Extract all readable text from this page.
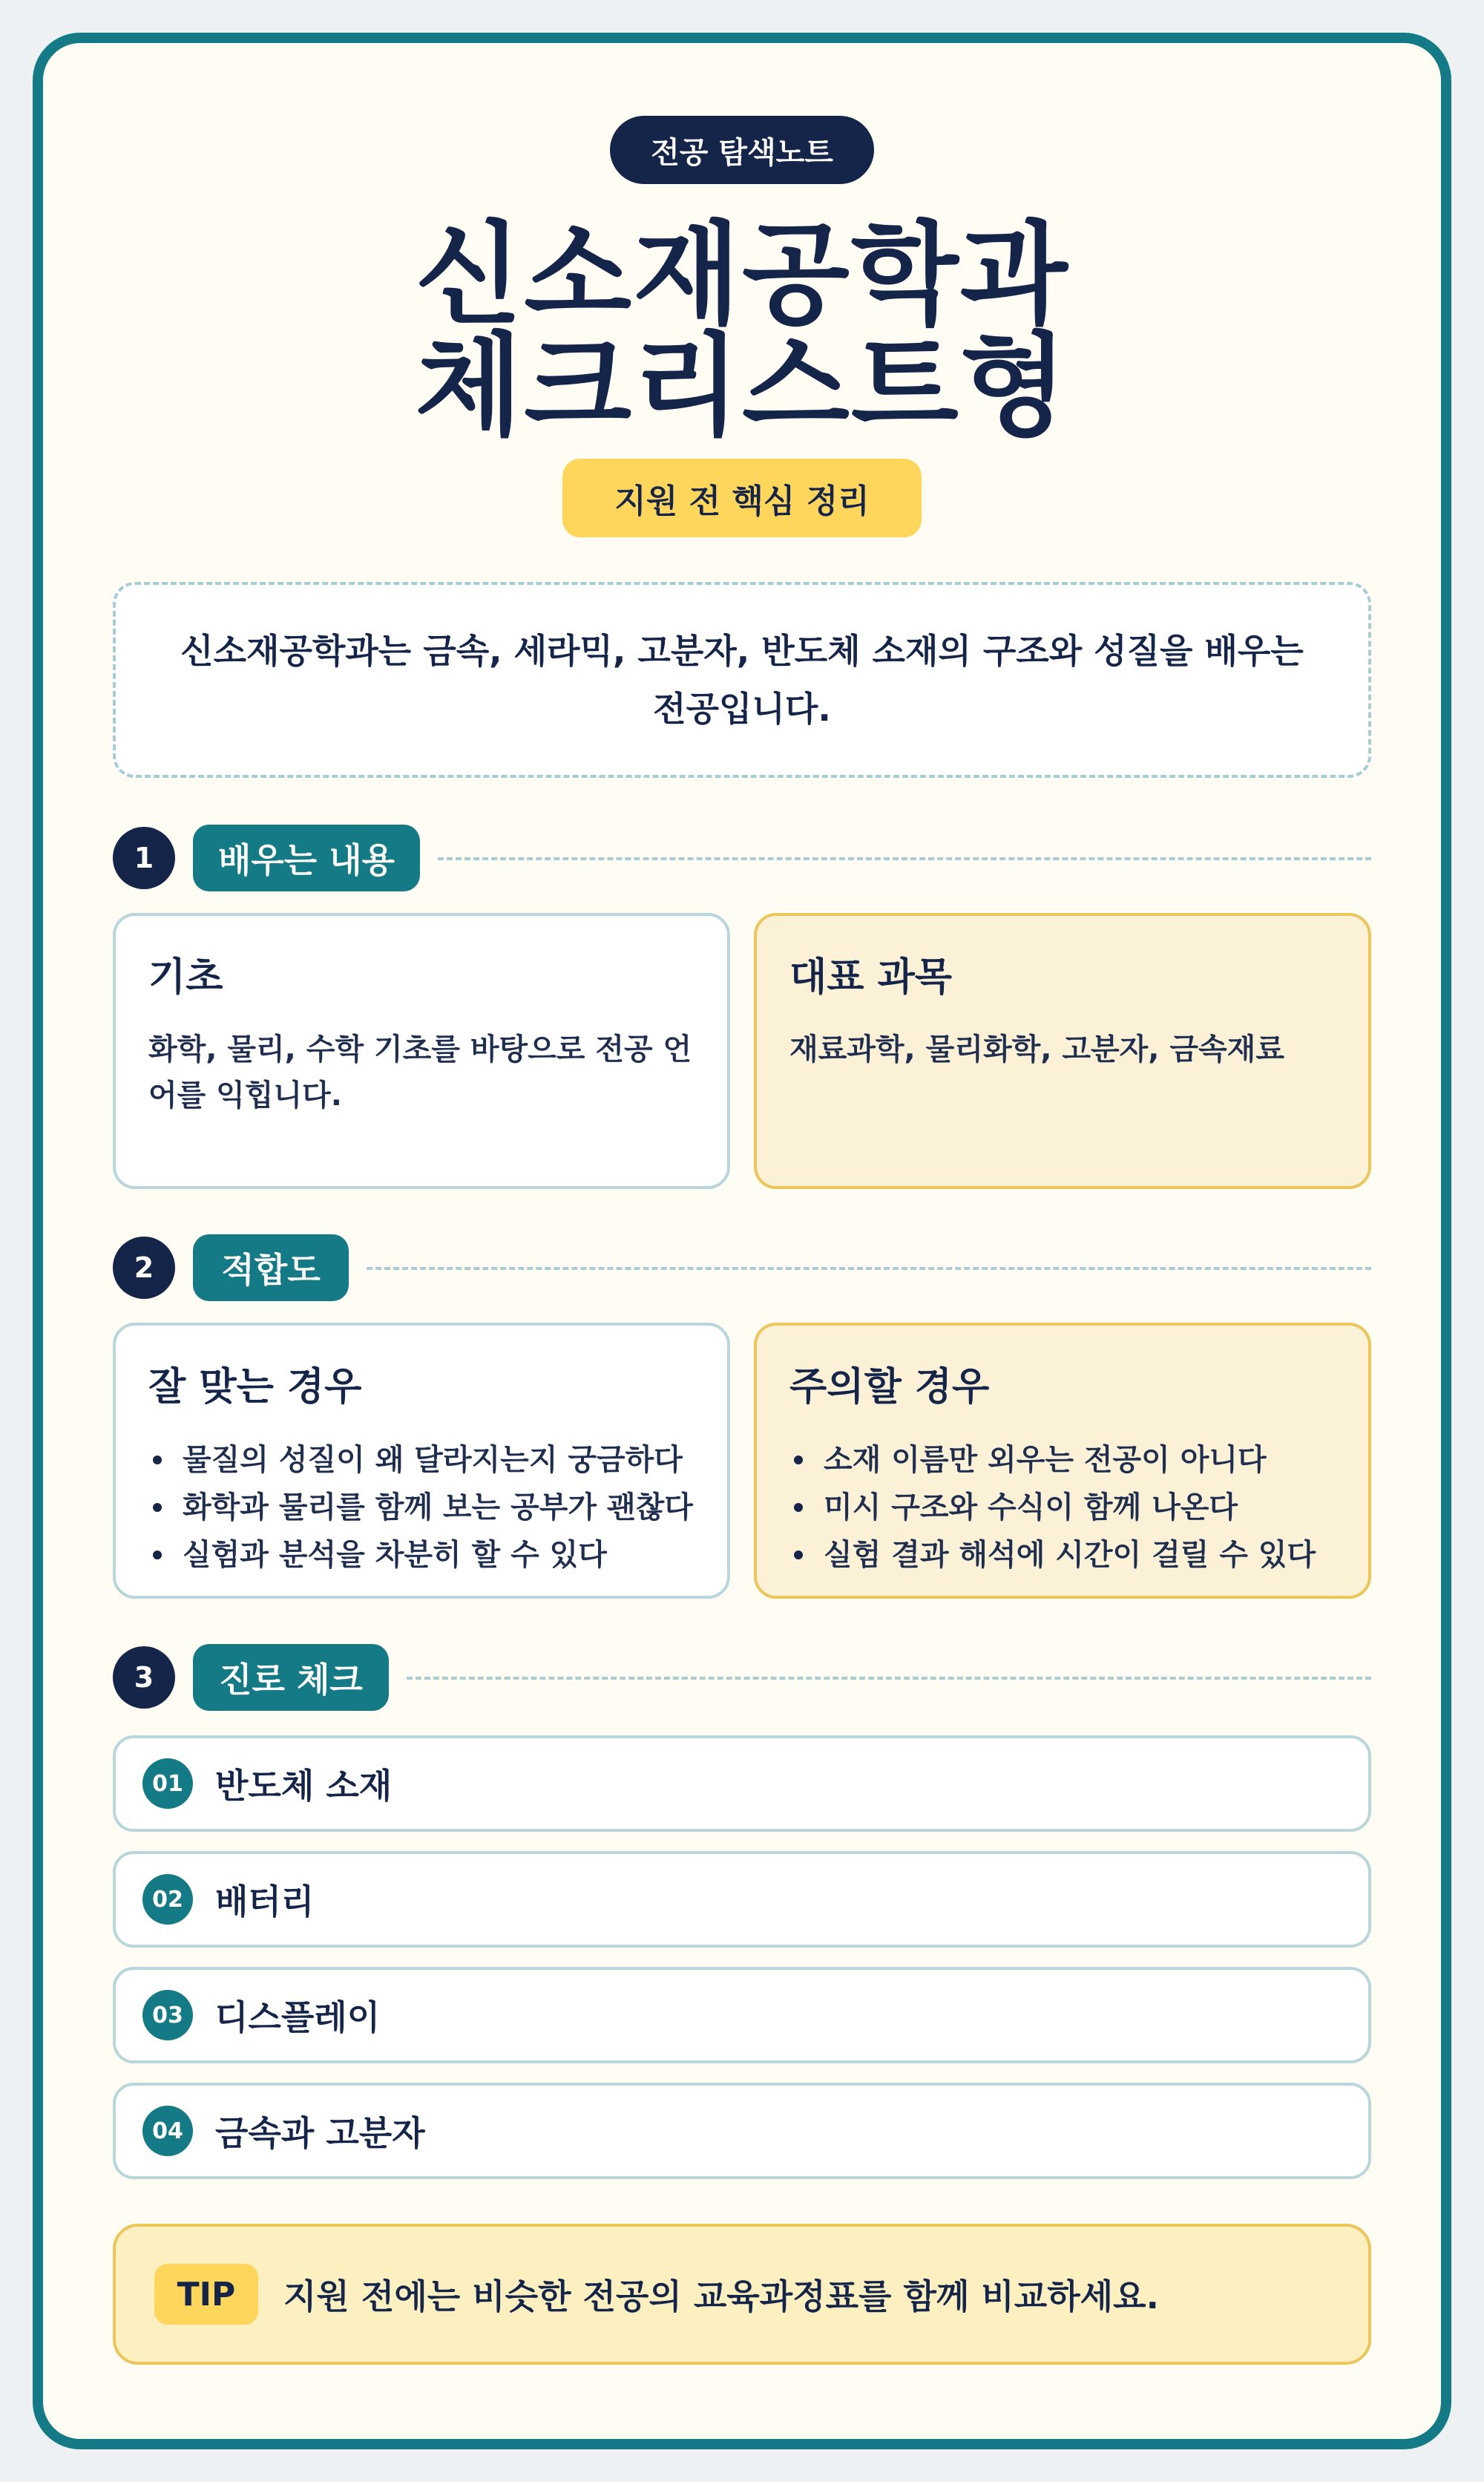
전공 탐색노트
신소재공학과
체크리스트형
지원 전 핵심 정리
신소재공학과는 금속, 세라믹, 고분자, 반도체 소재의 구조와 성질을 배우는 전공입니다.
1	배우는 내용
기초

화학, 물리, 수학 기초를 바탕으로 전공 언어를 익힙니다.

대표 과목

재료과학, 물리화학, 고분자, 금속재료

2	적합도
잘 맞는 경우
물질의 성질이 왜 달라지는지 궁금하다
화학과 물리를 함께 보는 공부가 괜찮다
실험과 분석을 차분히 할 수 있다
주의할 경우
소재 이름만 외우는 전공이 아니다
미시 구조와 수식이 함께 나온다
실험 결과 해석에 시간이 걸릴 수 있다
3	진로 체크
01 반도체 소재
02 배터리
03 디스플레이
04 금속과 고분자
TIP	지원 전에는 비슷한 전공의 교육과정표를 함께 비교하세요.
